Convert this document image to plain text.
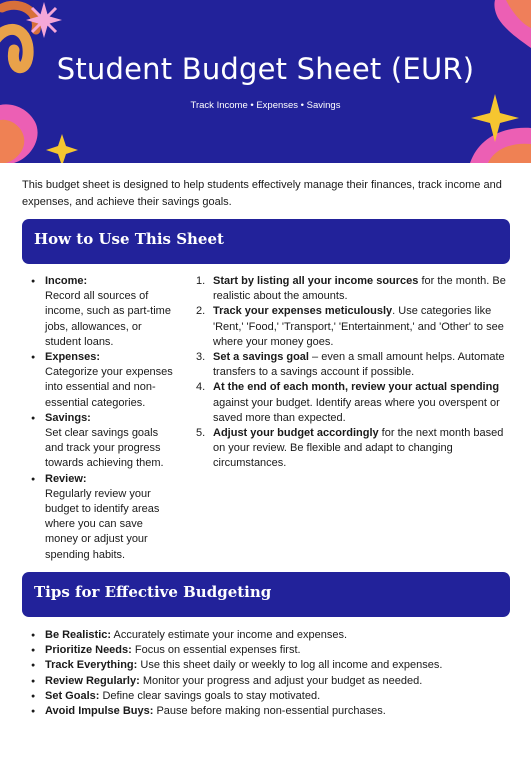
Student Budget Sheet (EUR)
Track Income • Expenses • Savings

This budget sheet is designed to help students effectively manage their finances, track income and expenses, and achieve their savings goals.

How to Use This Sheet
● Income:
Record all sources of income, such as part-time jobs, allowances, or student loans.
● Expenses:
Categorize your expenses into essential and non-essential categories.
● Savings:
Set clear savings goals and track your progress towards achieving them.
● Review:
Regularly review your budget to identify areas where you can save money or adjust your spending habits.
1. Start by listing all your income sources for the month. Be realistic about the amounts.
2. Track your expenses meticulously. Use categories like 'Rent,' 'Food,' 'Transport,' 'Entertainment,' and 'Other' to see where your money goes.
3. Set a savings goal – even a small amount helps. Automate transfers to a savings account if possible.
4. At the end of each month, review your actual spending against your budget. Identify areas where you overspent or saved more than expected.
5. Adjust your budget accordingly for the next month based on your review. Be flexible and adapt to changing circumstances.
Tips for Effective Budgeting
● Be Realistic: Accurately estimate your income and expenses.
● Prioritize Needs: Focus on essential expenses first.
● Track Everything: Use this sheet daily or weekly to log all income and expenses.
● Review Regularly: Monitor your progress and adjust your budget as needed.
● Set Goals: Define clear savings goals to stay motivated.
● Avoid Impulse Buys: Pause before making non-essential purchases.
